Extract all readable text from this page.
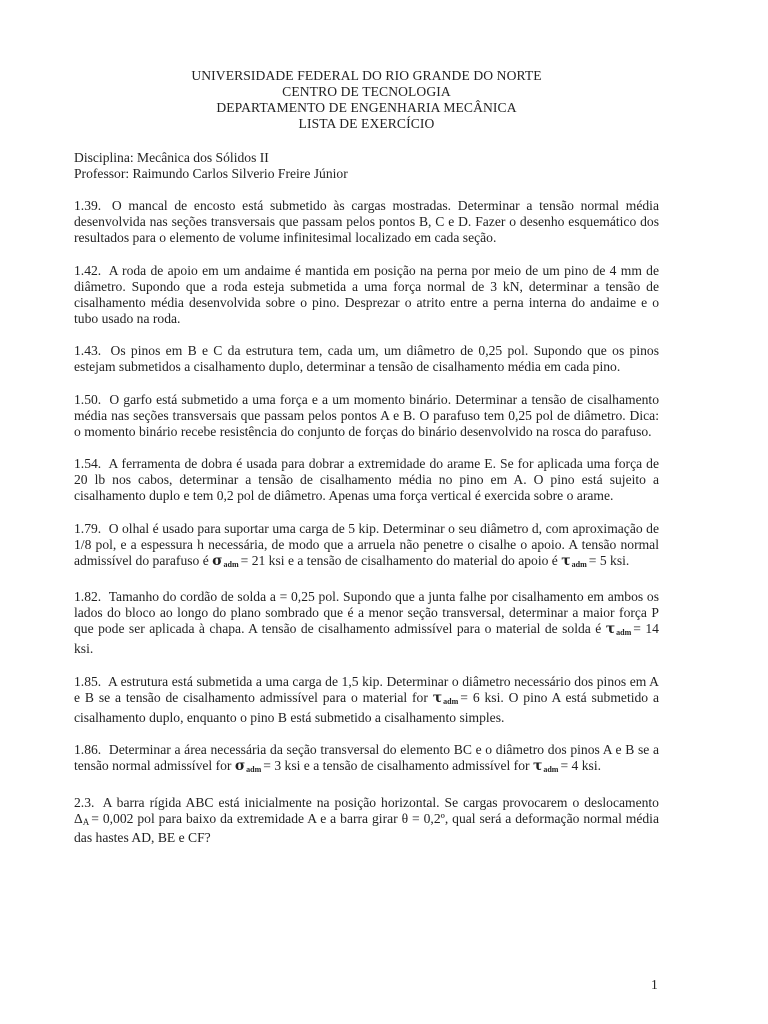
UNIVERSIDADE FEDERAL DO RIO GRANDE DO NORTE
CENTRO DE TECNOLOGIA
DEPARTAMENTO DE ENGENHARIA MECÂNICA
LISTA DE EXERCÍCIO
Disciplina: Mecânica dos Sólidos II
Professor: Raimundo Carlos Silverio Freire Júnior

1.39. O mancal de encosto está submetido às cargas mostradas. Determinar a tensão normal média desenvolvida nas seções transversais que passam pelos pontos B, C e D. Fazer o desenho esquemático dos resultados para o elemento de volume infinitesimal localizado em cada seção.

1.42. A roda de apoio em um andaime é mantida em posição na perna por meio de um pino de 4 mm de diâmetro. Supondo que a roda esteja submetida a uma força normal de 3 kN, determinar a tensão de cisalhamento média desenvolvida sobre o pino. Desprezar o atrito entre a perna interna do andaime e o tubo usado na roda.

1.43. Os pinos em B e C da estrutura tem, cada um, um diâmetro de 0,25 pol. Supondo que os pinos estejam submetidos a cisalhamento duplo, determinar a tensão de cisalhamento média em cada pino.

1.50. O garfo está submetido a uma força e a um momento binário. Determinar a tensão de cisalhamento média nas seções transversais que passam pelos pontos A e B. O parafuso tem 0,25 pol de diâmetro. Dica: o momento binário recebe resistência do conjunto de forças do binário desenvolvido na rosca do parafuso.

1.54. A ferramenta de dobra é usada para dobrar a extremidade do arame E. Se for aplicada uma força de 20 lb nos cabos, determinar a tensão de cisalhamento média no pino em A. O pino está sujeito a cisalhamento duplo e tem 0,2 pol de diâmetro. Apenas uma força vertical é exercida sobre o arame.

1.79. O olhal é usado para suportar uma carga de 5 kip. Determinar o seu diâmetro d, com aproximação de 1/8 pol, e a espessura h necessária, de modo que a arruela não penetre o cisalhe o apoio. A tensão normal admissível do parafuso é $\sigma_{adm} = 21$ ksi e a tensão de cisalhamento do material do apoio é $\tau_{adm} = 5$ ksi.

1.82. Tamanho do cordão de solda a = 0,25 pol. Supondo que a junta falhe por cisalhamento em ambos os lados do bloco ao longo do plano sombrado que é a menor seção transversal, determinar a maior força P que pode ser aplicada à chapa. A tensão de cisalhamento admissível para o material de solda é $\tau_{adm} = 14$ ksi.

1.85. A estrutura está submetida a uma carga de 1,5 kip. Determinar o diâmetro necessário dos pinos em A e B se a tensão de cisalhamento admissível para o material for $\tau_{adm} = 6$ ksi. O pino A está submetido a cisalhamento duplo, enquanto o pino B está submetido a cisalhamento simples.

1.86. Determinar a área necessária da seção transversal do elemento BC e o diâmetro dos pinos A e B se a tensão normal admissível for $\sigma_{adm} = 3$ ksi e a tensão de cisalhamento admissível for $\tau_{adm} = 4$ ksi.

2.3. A barra rígida ABC está inicialmente na posição horizontal. Se cargas provocarem o deslocamento ΔA = 0,002 pol para baixo da extremidade A e a barra girar θ = 0,2º, qual será a deformação normal média das hastes AD, BE e CF?

1
